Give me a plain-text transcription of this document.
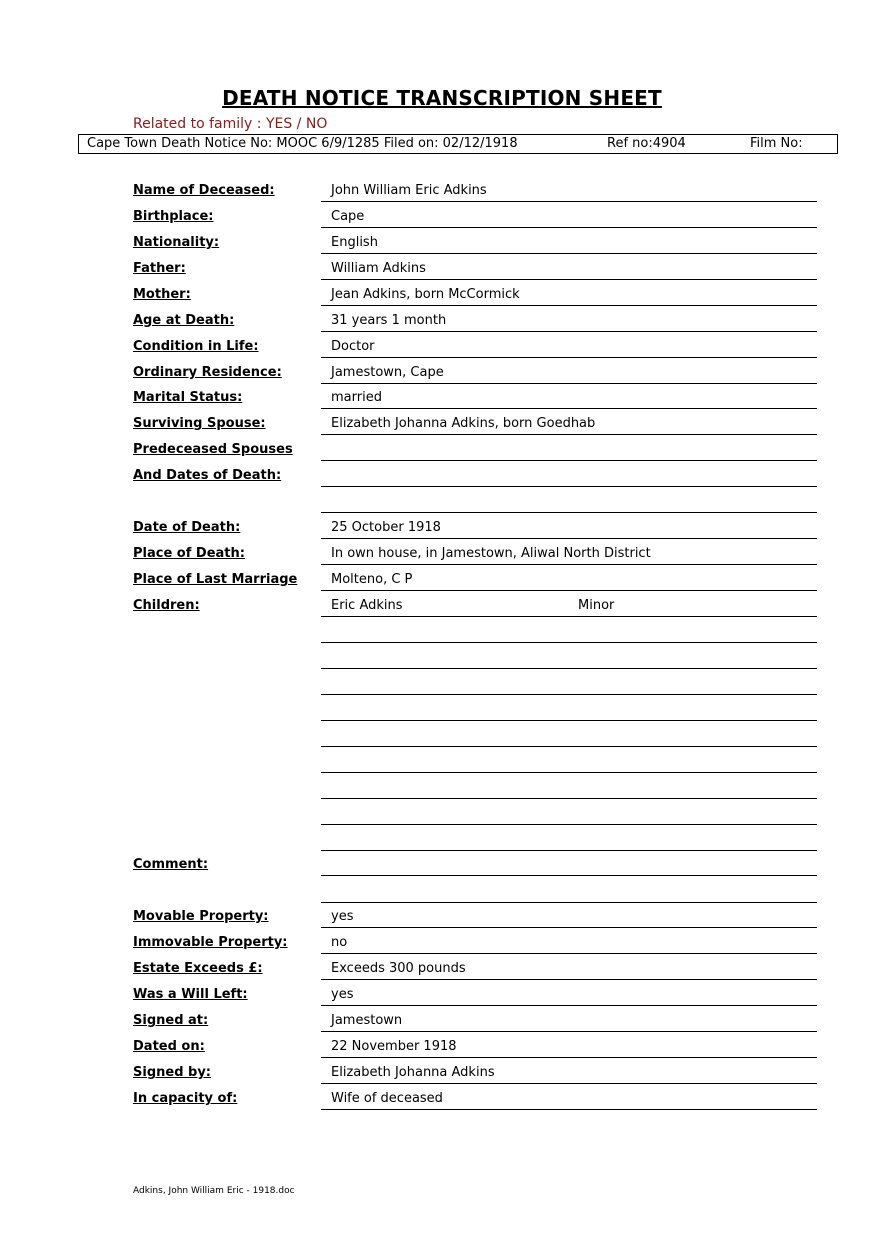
DEATH NOTICE TRANSCRIPTION SHEET
Related to family : YES / NO
Cape Town Death Notice No: MOOC 6/9/1285 Filed on: 02/12/1918	Ref no:4904	Film No:
Name of Deceased:	John William Eric Adkins
Birthplace:	Cape
Nationality:	English
Father:	William Adkins
Mother:	Jean Adkins, born McCormick
Age at Death:	31 years 1 month
Condition in Life:	Doctor
Ordinary Residence:	Jamestown, Cape
Marital Status:	married
Surviving Spouse:	Elizabeth Johanna Adkins, born Goedhab
Predeceased Spouses
And Dates of Death:
Date of Death:	25 October 1918
Place of Death:	In own house, in Jamestown, Aliwal North District
Place of Last Marriage	Molteno, C P
Children:	Eric Adkins	Minor
Comment:
Movable Property:	yes
Immovable Property:	no
Estate Exceeds £:	Exceeds 300 pounds
Was a Will Left:	yes
Signed at:	Jamestown
Dated on:	22 November 1918
Signed by:	Elizabeth Johanna Adkins
In capacity of:	Wife of deceased
Adkins, John William Eric - 1918.doc
